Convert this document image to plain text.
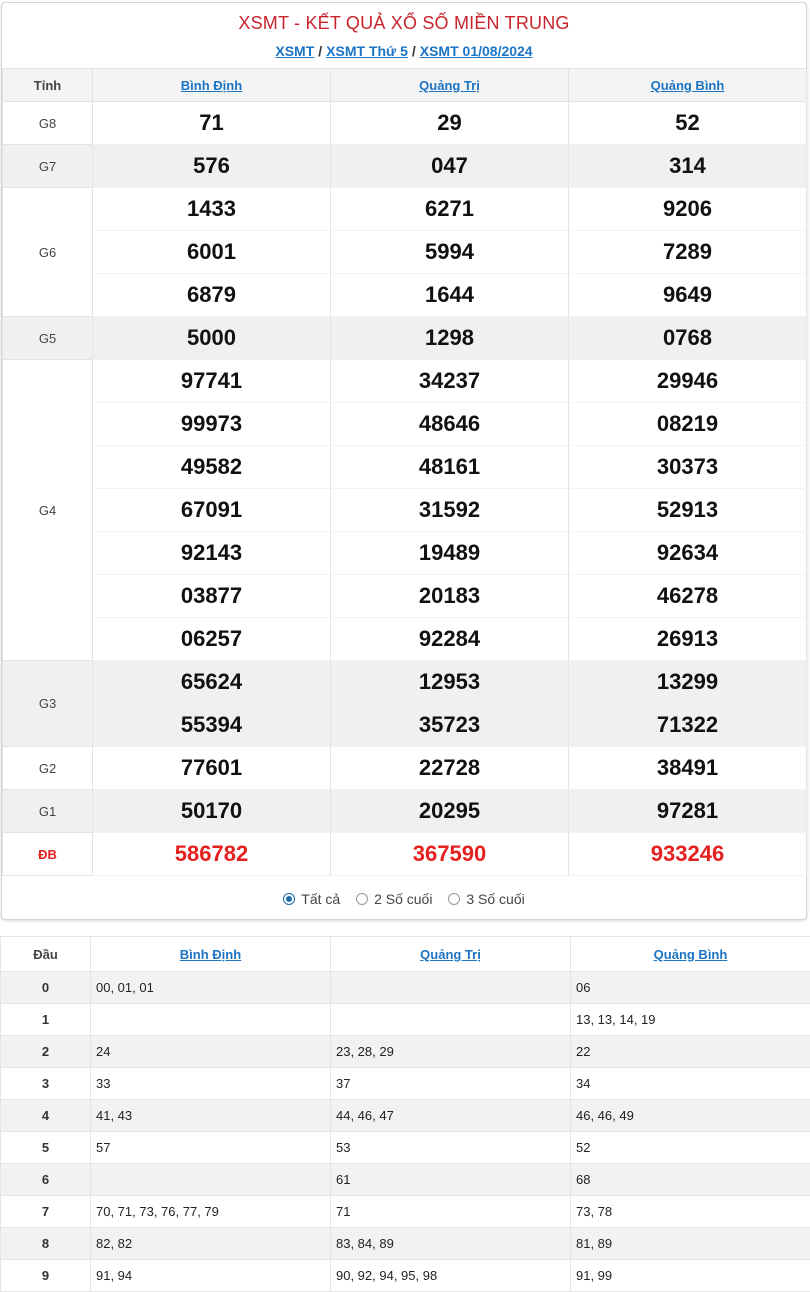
XSMT - KẾT QUẢ XỔ SỐ MIỀN TRUNG
XSMT / XSMT Thứ 5 / XSMT 01/08/2024
Tỉnh	Bình Định	Quảng Trị	Quảng Bình
G8	71	29	52
G7	576	047	314
G6	1433	6271	9206
	6001	5994	7289
	6879	1644	9649
G5	5000	1298	0768
G4	97741	34237	29946
	99973	48646	08219
	49582	48161	30373
	67091	31592	52913
	92143	19489	92634
	03877	20183	46278
	06257	92284	26913
G3	65624	12953	13299
	55394	35723	71322
G2	77601	22728	38491
G1	50170	20295	97281
ĐB	586782	367590	933246
Tất cả
2 Số cuối
3 Số cuối
Đầu	Bình Định	Quảng Trị	Quảng Bình
0	00, 01, 01		06
1			13, 13, 14, 19
2	24	23, 28, 29	22
3	33	37	34
4	41, 43	44, 46, 47	46, 46, 49
5	57	53	52
6		61	68
7	70, 71, 73, 76, 77, 79	71	73, 78
8	82, 82	83, 84, 89	81, 89
9	91, 94	90, 92, 94, 95, 98	91, 99
